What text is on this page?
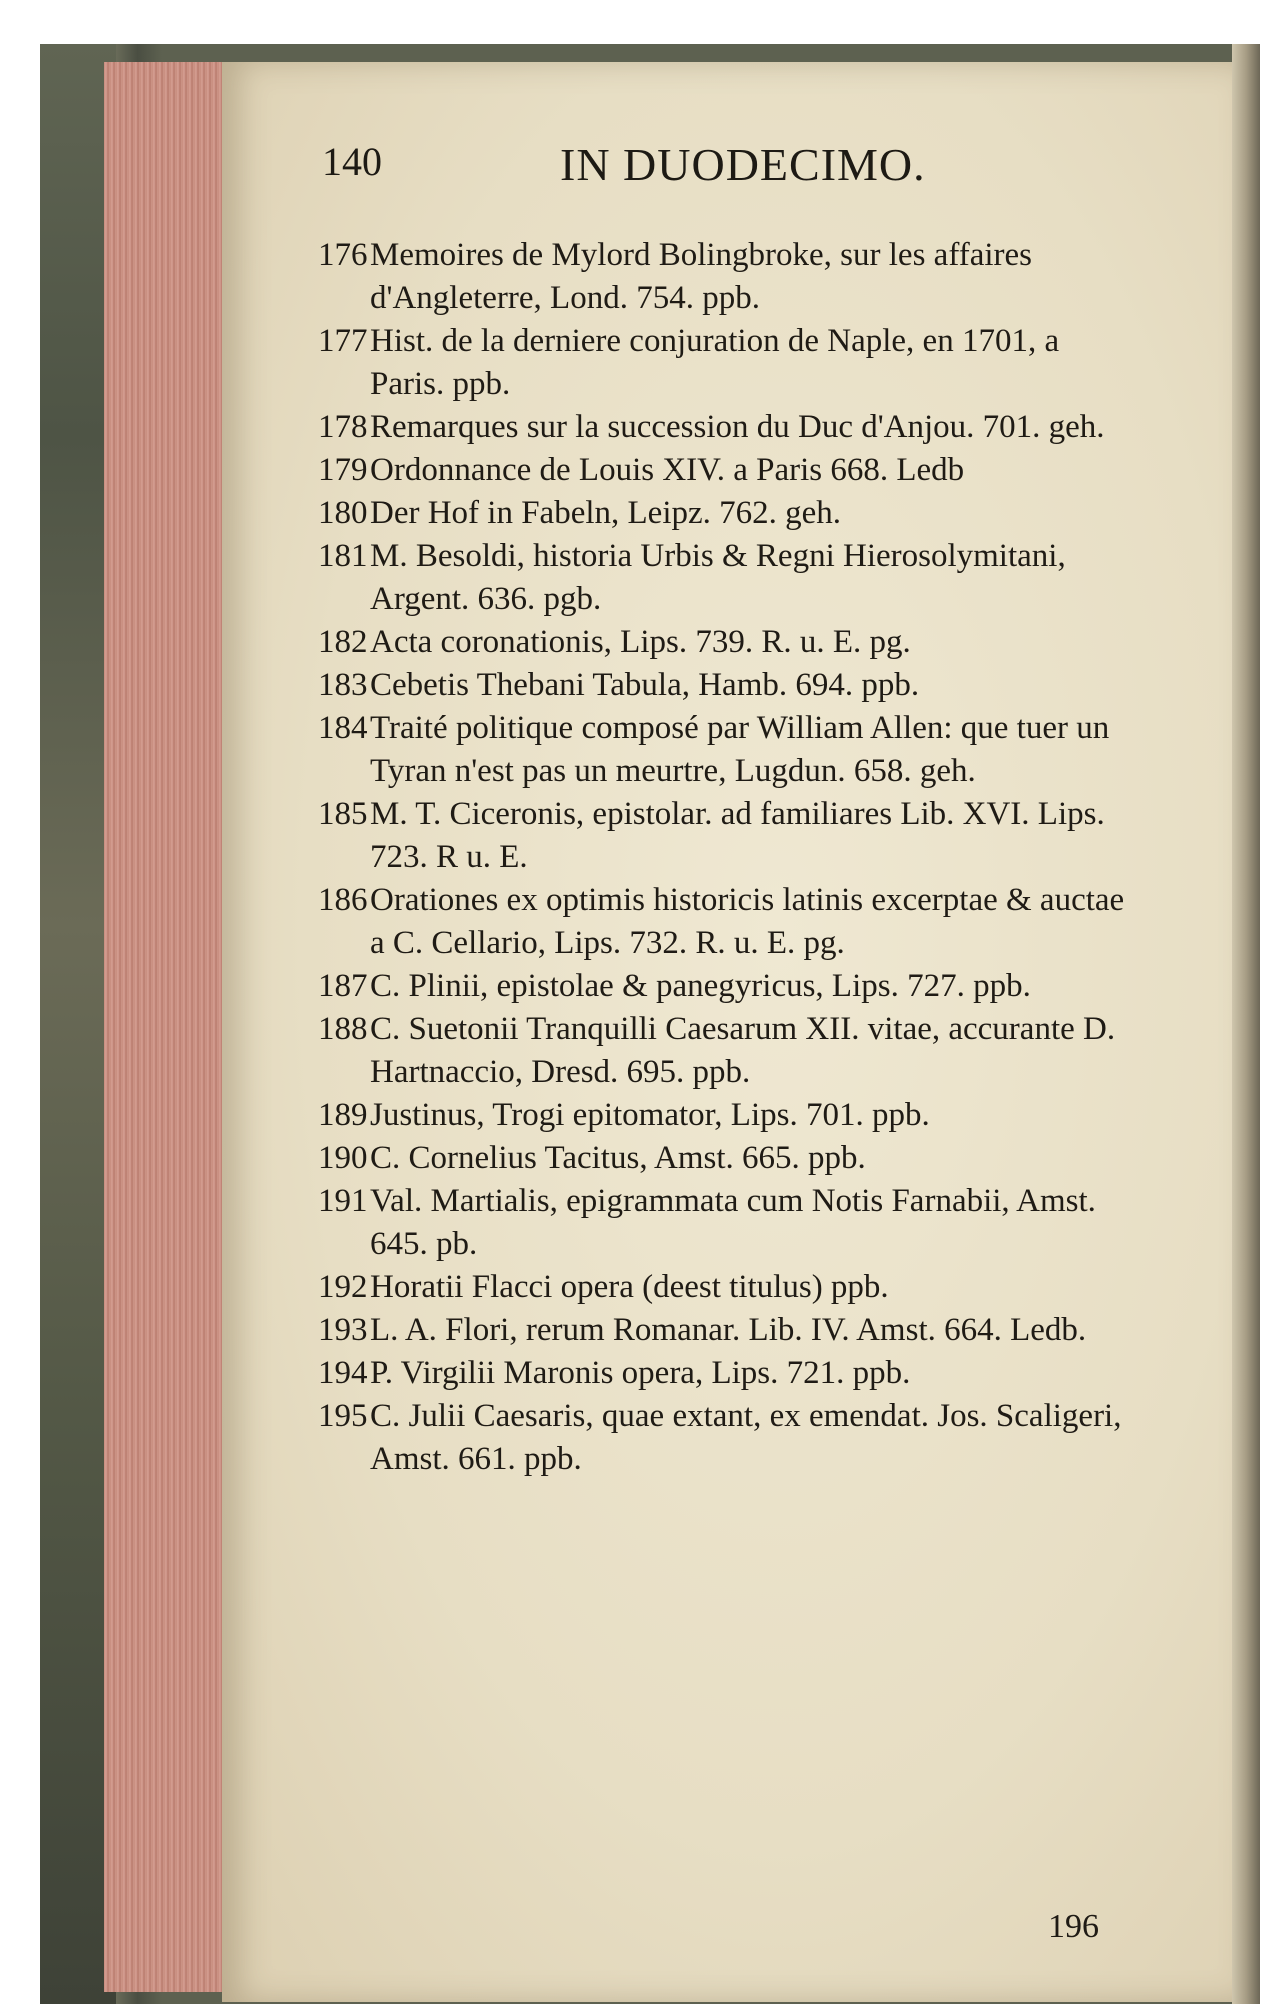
140	IN DUODECIMO.
176Memoires de Mylord Bolingbroke, sur les affaires d'Angleterre, Lond. 754. ppb.
177Hist. de la derniere conjuration de Naple, en 1701, a Paris. ppb.
178Remarques sur la succession du Duc d'Anjou. 701. geh.
179Ordonnance de Louis XIV. a Paris 668. Ledb
180Der Hof in Fabeln, Leipz. 762. geh.
181M. Besoldi, historia Urbis & Regni Hierosolymitani, Argent. 636. pgb.
182Acta coronationis, Lips. 739. R. u. E. pg.
183Cebetis Thebani Tabula, Hamb. 694. ppb.
184Traité politique composé par William Allen: que tuer un Tyran n'est pas un meurtre, Lugdun. 658. geh.
185M. T. Ciceronis, epistolar. ad familiares Lib. XVI. Lips. 723. R u. E.
186Orationes ex optimis historicis latinis excerptae & auctae a C. Cellario, Lips. 732. R. u. E. pg.
187C. Plinii, epistolae & panegyricus, Lips. 727. ppb.
188C. Suetonii Tranquilli Caesarum XII. vitae, accurante D. Hartnaccio, Dresd. 695. ppb.
189Justinus, Trogi epitomator, Lips. 701. ppb.
190C. Cornelius Tacitus, Amst. 665. ppb.
191Val. Martialis, epigrammata cum Notis Farnabii, Amst. 645. pb.
192Horatii Flacci opera (deest titulus) ppb.
193L. A. Flori, rerum Romanar. Lib. IV. Amst. 664. Ledb.
194P. Virgilii Maronis opera, Lips. 721. ppb.
195C. Julii Caesaris, quae extant, ex emendat. Jos. Scaligeri, Amst. 661. ppb.
196
